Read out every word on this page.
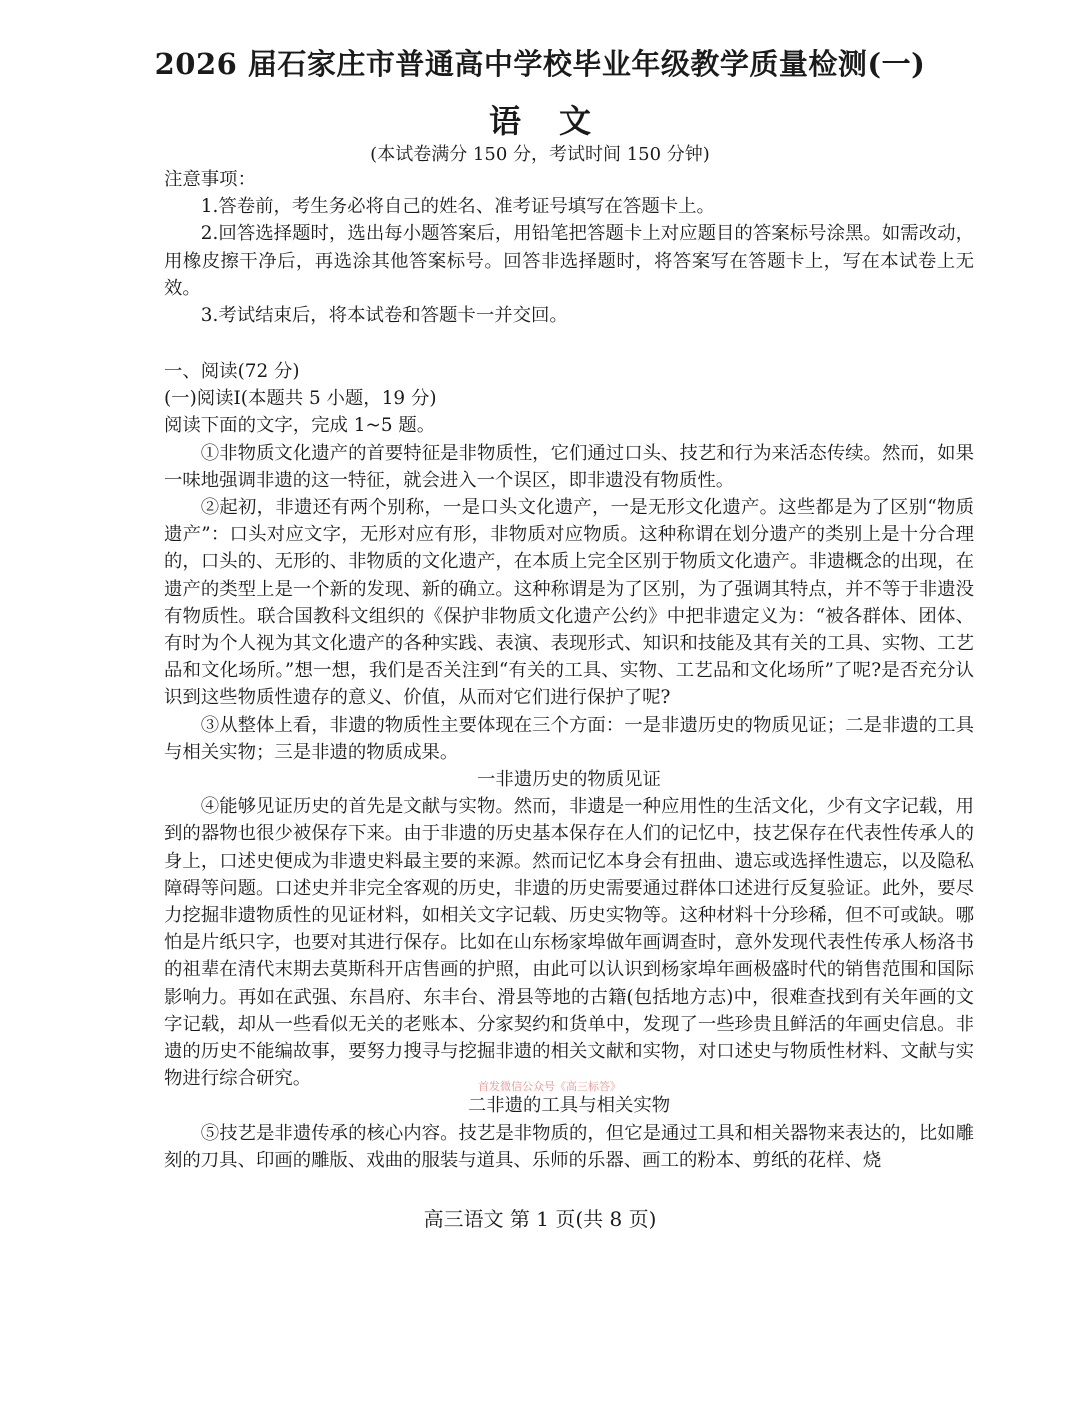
2026 届石家庄市普通高中学校毕业年级教学质量检测(一)
语文
(本试卷满分 150 分，考试时间 150 分钟)

注意事项：

1.答卷前，考生务必将自己的姓名、准考证号填写在答题卡上。

2.回答选择题时，选出每小题答案后，用铅笔把答题卡上对应题目的答案标号涂黑。如需改动，用橡皮擦干净后，再选涂其他答案标号。回答非选择题时，将答案写在答题卡上，写在本试卷上无效。

3.考试结束后，将本试卷和答题卡一并交回。

一、阅读(72 分)

(一)阅读Ⅰ(本题共 5 小题，19 分)

阅读下面的文字，完成 1~5 题。

①非物质文化遗产的首要特征是非物质性，它们通过口头、技艺和行为来活态传续。然而，如果一味地强调非遗的这一特征，就会进入一个误区，即非遗没有物质性。

②起初，非遗还有两个别称，一是口头文化遗产，一是无形文化遗产。这些都是为了区别“物质遗产”：口头对应文字，无形对应有形，非物质对应物质。这种称谓在划分遗产的类别上是十分合理的，口头的、无形的、非物质的文化遗产，在本质上完全区别于物质文化遗产。非遗概念的出现，在遗产的类型上是一个新的发现、新的确立。这种称谓是为了区别，为了强调其特点，并不等于非遗没有物质性。联合国教科文组织的《保护非物质文化遗产公约》中把非遗定义为：“被各群体、团体、有时为个人视为其文化遗产的各种实践、表演、表现形式、知识和技能及其有关的工具、实物、工艺品和文化场所。”想一想，我们是否关注到“有关的工具、实物、工艺品和文化场所”了呢?是否充分认识到这些物质性遗存的意义、价值，从而对它们进行保护了呢?

③从整体上看，非遗的物质性主要体现在三个方面：一是非遗历史的物质见证；二是非遗的工具与相关实物；三是非遗的物质成果。

一非遗历史的物质见证

④能够见证历史的首先是文献与实物。然而，非遗是一种应用性的生活文化，少有文字记载，用到的器物也很少被保存下来。由于非遗的历史基本保存在人们的记忆中，技艺保存在代表性传承人的身上，口述史便成为非遗史料最主要的来源。然而记忆本身会有扭曲、遗忘或选择性遗忘，以及隐私障碍等问题。口述史并非完全客观的历史，非遗的历史需要通过群体口述进行反复验证。此外，要尽力挖掘非遗物质性的见证材料，如相关文字记载、历史实物等。这种材料十分珍稀，但不可或缺。哪怕是片纸只字，也要对其进行保存。比如在山东杨家埠做年画调查时，意外发现代表性传承人杨洛书的祖辈在清代末期去莫斯科开店售画的护照，由此可以认识到杨家埠年画极盛时代的销售范围和国际影响力。再如在武强、东昌府、东丰台、滑县等地的古籍(包括地方志)中，很难查找到有关年画的文字记载，却从一些看似无关的老账本、分家契约和货单中，发现了一些珍贵且鲜活的年画史信息。非遗的历史不能编故事，要努力搜寻与挖掘非遗的相关文献和实物，对口述史与物质性材料、文献与实物进行综合研究。

二非遗的工具与相关实物

⑤技艺是非遗传承的核心内容。技艺是非物质的，但它是通过工具和相关器物来表达的，比如雕刻的刀具、印画的雕版、戏曲的服装与道具、乐师的乐器、画工的粉本、剪纸的花样、烧

首发微信公众号《高三标答》
高三语文 第 1 页(共 8 页)
